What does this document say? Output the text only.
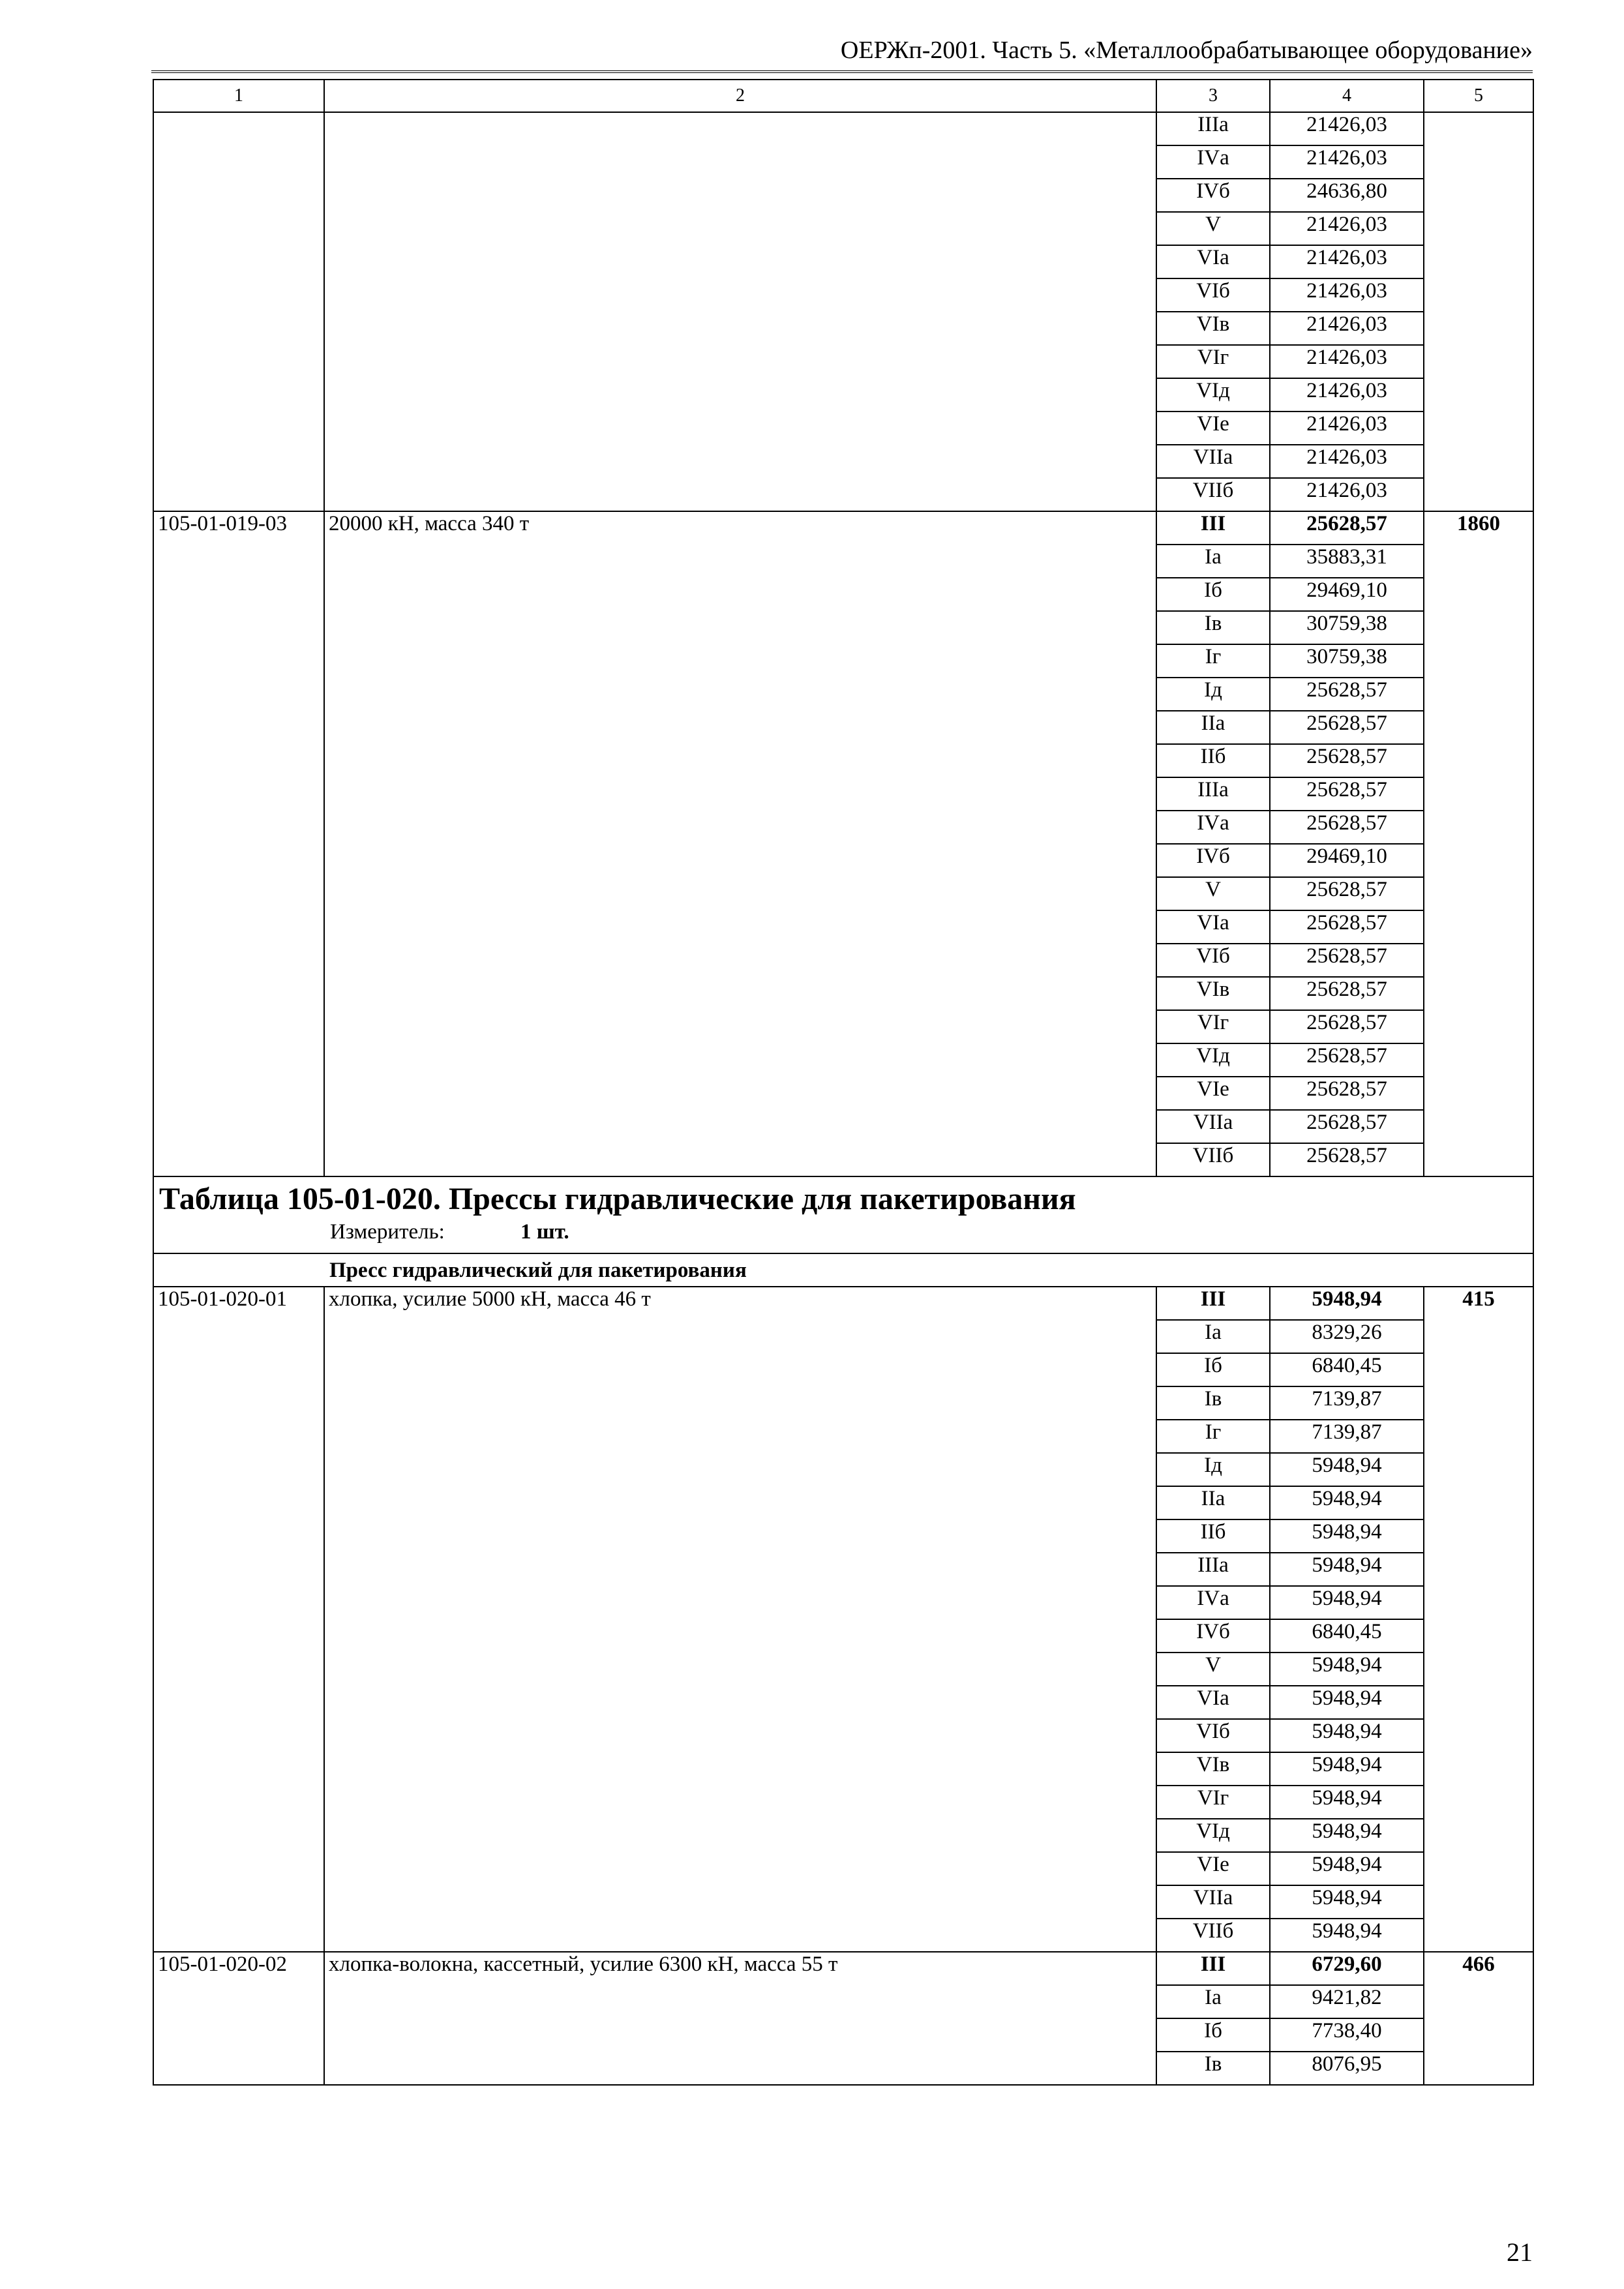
ОЕРЖп-2001. Часть 5. «Металлообрабатывающее оборудование»
1	2	3	4	5
		IIIа	21426,03	
		IVа	21426,03	
		IVб	24636,80	
		V	21426,03	
		VIа	21426,03	
		VIб	21426,03	
		VIв	21426,03	
		VIг	21426,03	
		VIд	21426,03	
		VIе	21426,03	
		VIIа	21426,03	
		VIIб	21426,03	
105-01-019-03	20000 кН, масса 340 т	III	25628,57	1860
		Iа	35883,31	
		Iб	29469,10	
		Iв	30759,38	
		Iг	30759,38	
		Iд	25628,57	
		IIа	25628,57	
		IIб	25628,57	
		IIIа	25628,57	
		IVа	25628,57	
		IVб	29469,10	
		V	25628,57	
		VIа	25628,57	
		VIб	25628,57	
		VIв	25628,57	
		VIг	25628,57	
		VIд	25628,57	
		VIе	25628,57	
		VIIа	25628,57	
		VIIб	25628,57	

Таблица 105-01-020. Прессы гидравлические для пакетирования
Измеритель: 1 шт.				

	Пресс гидравлический для пакетирования			
105-01-020-01	хлопка, усилие 5000 кН, масса 46 т	III	5948,94	415
		Iа	8329,26	
		Iб	6840,45	
		Iв	7139,87	
		Iг	7139,87	
		Iд	5948,94	
		IIа	5948,94	
		IIб	5948,94	
		IIIа	5948,94	
		IVа	5948,94	
		IVб	6840,45	
		V	5948,94	
		VIа	5948,94	
		VIб	5948,94	
		VIв	5948,94	
		VIг	5948,94	
		VIд	5948,94	
		VIе	5948,94	
		VIIа	5948,94	
		VIIб	5948,94	
105-01-020-02	хлопка-волокна, кассетный, усилие 6300 кН, масса 55 т	III	6729,60	466
		Iа	9421,82	
		Iб	7738,40	
		Iв	8076,95	
21
